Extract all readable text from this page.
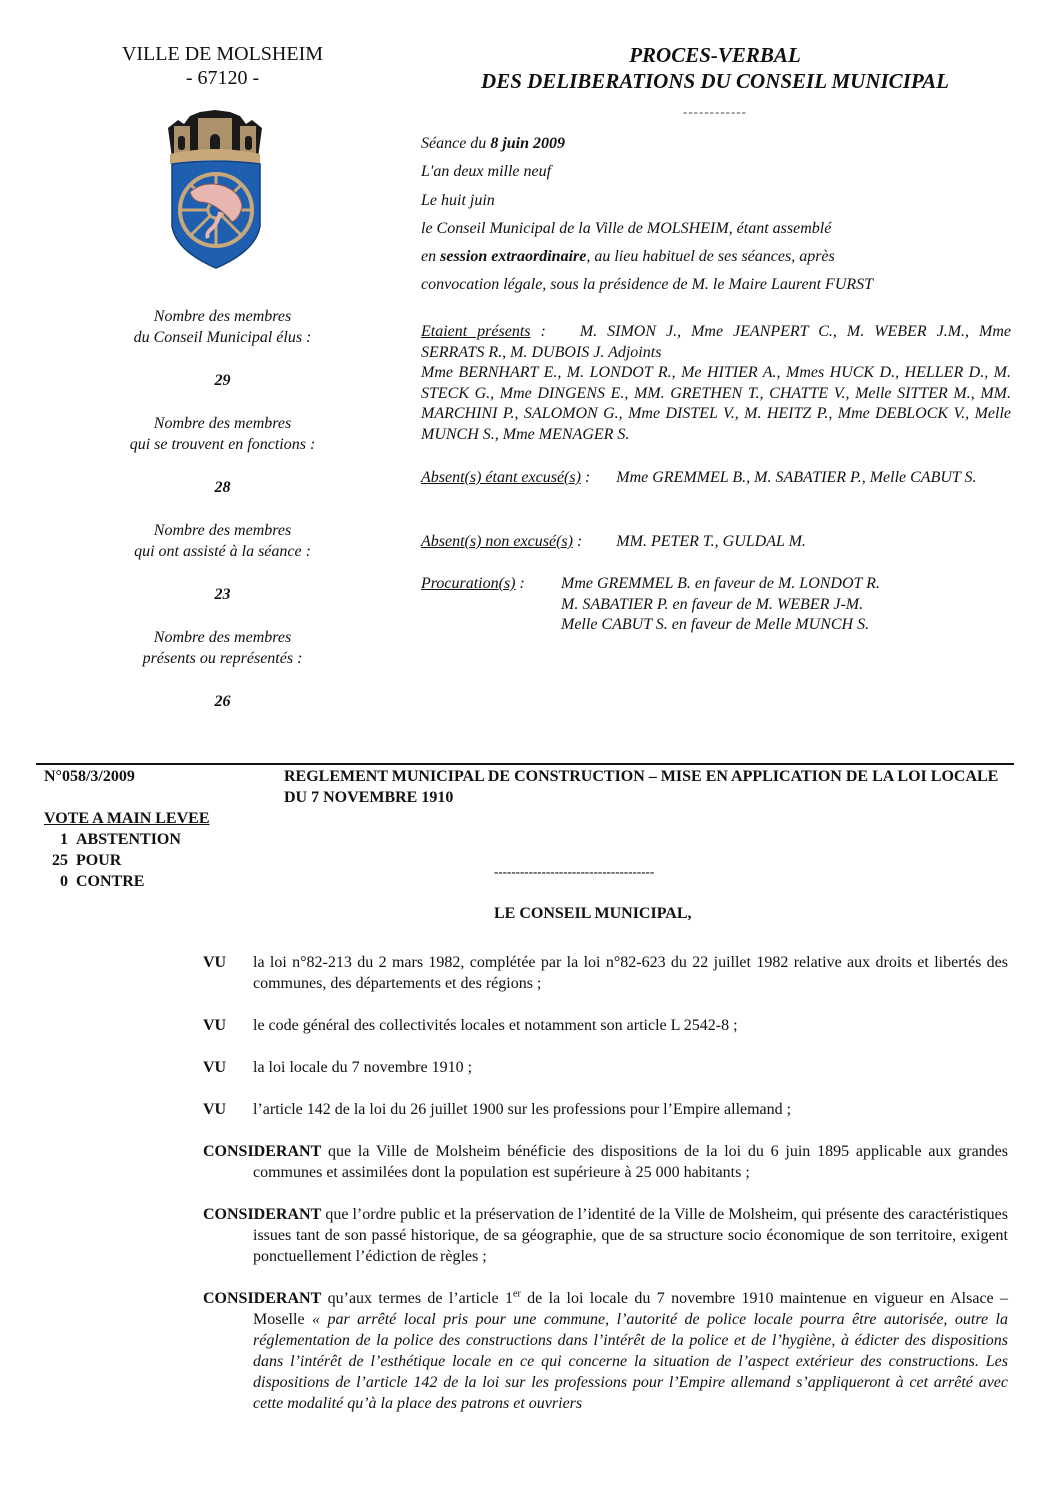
VILLE DE MOLSHEIM
- 67120 -
Nombre des membres
du Conseil Municipal élus :
29
Nombre des membres
qui se trouvent en fonctions :
28
Nombre des membres
qui ont assisté à la séance :
23
Nombre des membres
présents ou représentés :
26
PROCES-VERBAL
DES DELIBERATIONS DU CONSEIL MUNICIPAL
------------
Séance du 8 juin 2009
L'an deux mille neuf
Le huit juin
le Conseil Municipal de la Ville de MOLSHEIM, étant assemblé
en session extraordinaire, au lieu habituel de ses séances, après
convocation légale, sous la présidence de M. le Maire Laurent FURST
Etaient présents : M. SIMON J., Mme JEANPERT C., M. WEBER J.M., Mme SERRATS R., M. DUBOIS J. Adjoints
Mme BERNHART E., M. LONDOT R., Me HITIER A., Mmes HUCK D., HELLER D., M. STECK G., Mme DINGENS E., MM. GRETHEN T., CHATTE V., Melle SITTER M., MM. MARCHINI P., SALOMON G., Mme DISTEL V., M. HEITZ P., Mme DEBLOCK V., Melle MUNCH S., Mme MENAGER S.
Absent(s) étant excusé(s) : Mme GREMMEL B., M. SABATIER P., Melle CABUT S.
Absent(s) non excusé(s) : MM. PETER T., GULDAL M.
Procuration(s) :	Mme GREMMEL B. en faveur de M. LONDOT R.
M. SABATIER P. en faveur de M. WEBER J-M.
Melle CABUT S. en faveur de Melle MUNCH S.
N°058/3/2009	REGLEMENT MUNICIPAL DE CONSTRUCTION – MISE EN APPLICATION DE LA LOI LOCALE DU 7 NOVEMBRE 1910
VOTE A MAIN LEVEE
1 ABSTENTION
25 POUR
0 CONTRE
-------------------------------------
LE CONSEIL MUNICIPAL,
VU	la loi n°82-213 du 2 mars 1982, complétée par la loi n°82-623 du 22 juillet 1982 relative aux droits et libertés des communes, des départements et des régions ;
VU	le code général des collectivités locales et notamment son article L 2542-8 ;
VU	la loi locale du 7 novembre 1910 ;
VU	l’article 142 de la loi du 26 juillet 1900 sur les professions pour l’Empire allemand ;
CONSIDERANT que la Ville de Molsheim bénéficie des dispositions de la loi du 6 juin 1895 applicable aux grandes communes et assimilées dont la population est supérieure à 25 000 habitants ;
CONSIDERANT que l’ordre public et la préservation de l’identité de la Ville de Molsheim, qui présente des caractéristiques issues tant de son passé historique, de sa géographie, que de sa structure socio économique de son territoire, exigent ponctuellement l’édiction de règles ;
CONSIDERANT qu’aux termes de l’article 1er de la loi locale du 7 novembre 1910 maintenue en vigueur en Alsace – Moselle « par arrêté local pris pour une commune, l’autorité de police locale pourra être autorisée, outre la réglementation de la police des constructions dans l’intérêt de la police et de l’hygiène, à édicter des dispositions dans l’intérêt de l’esthétique locale en ce qui concerne la situation de l’aspect extérieur des constructions. Les dispositions de l’article 142 de la loi sur les professions pour l’Empire allemand s’appliqueront à cet arrêté avec cette modalité qu’à la place des patrons et ouvriers
